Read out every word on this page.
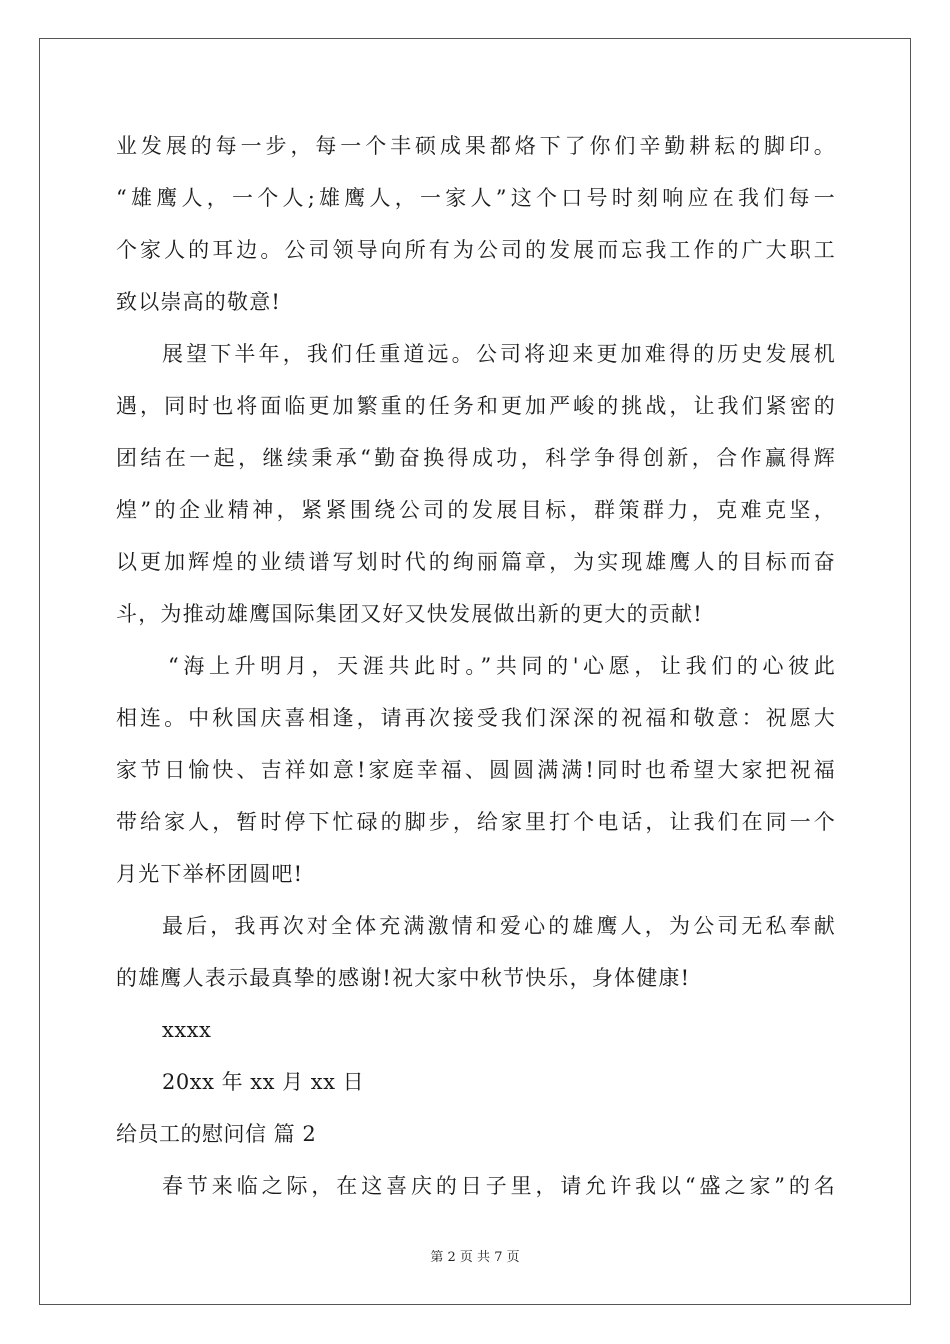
业发展的每一步，每一个丰硕成果都烙下了你们辛勤耕耘的脚印。
“雄鹰人，一个人;雄鹰人，一家人”这个口号时刻响应在我们每一
个家人的耳边。公司领导向所有为公司的发展而忘我工作的广大职工
致以崇高的敬意!
展望下半年，我们任重道远。公司将迎来更加难得的历史发展机
遇，同时也将面临更加繁重的任务和更加严峻的挑战，让我们紧密的
团结在一起，继续秉承“勤奋换得成功，科学争得创新，合作赢得辉
煌”的企业精神，紧紧围绕公司的发展目标，群策群力，克难克坚，
以更加辉煌的业绩谱写划时代的绚丽篇章，为实现雄鹰人的目标而奋
斗，为推动雄鹰国际集团又好又快发展做出新的更大的贡献!
“海上升明月，天涯共此时。”共同的'心愿，让我们的心彼此
相连。中秋国庆喜相逢，请再次接受我们深深的祝福和敬意：祝愿大
家节日愉快、吉祥如意!家庭幸福、圆圆满满!同时也希望大家把祝福
带给家人，暂时停下忙碌的脚步，给家里打个电话，让我们在同一个
月光下举杯团圆吧!
最后，我再次对全体充满激情和爱心的雄鹰人，为公司无私奉献
的雄鹰人表示最真挚的感谢!祝大家中秋节快乐，身体健康!
xxxx
20xx 年 xx 月 xx 日
给员工的慰问信 篇 2
春节来临之际，在这喜庆的日子里，请允许我以“盛之家”的名
第 2 页 共 7 页
